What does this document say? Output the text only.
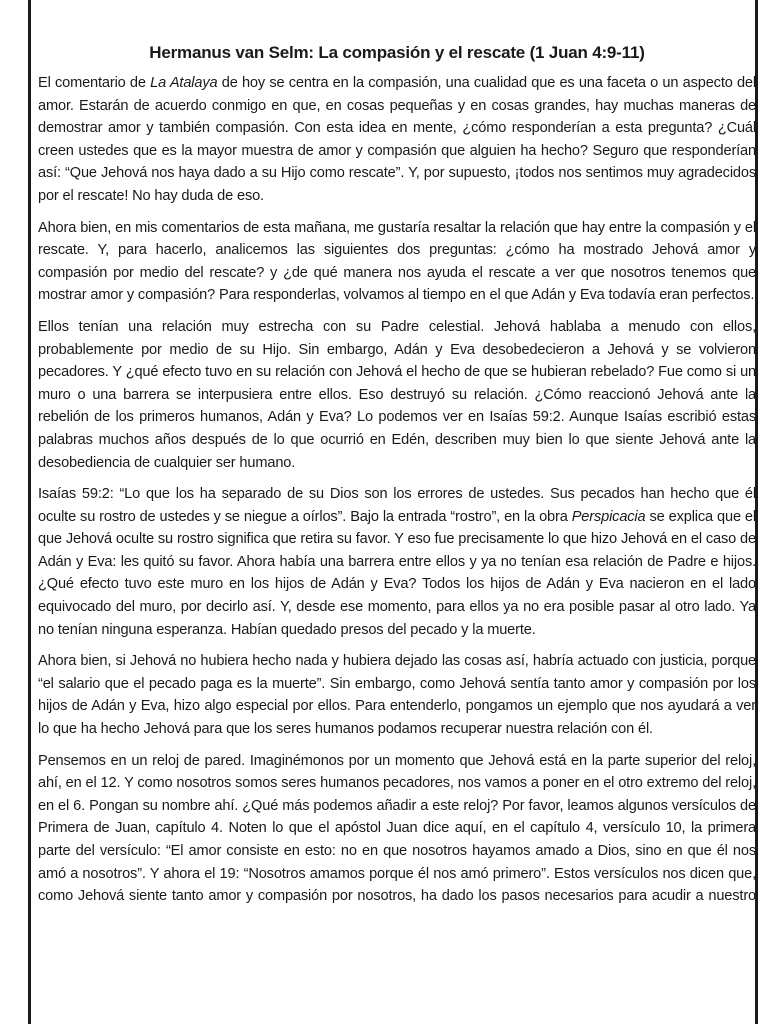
Hermanus van Selm: La compasión y el rescate (1 Juan 4:9-11)

El comentario de La Atalaya de hoy se centra en la compasión, una cualidad que es una faceta o un aspecto del amor. Estarán de acuerdo conmigo en que, en cosas pequeñas y en cosas grandes, hay muchas maneras de demostrar amor y también compasión. Con esta idea en mente, ¿cómo responderían a esta pregunta? ¿Cuál creen ustedes que es la mayor muestra de amor y compasión que alguien ha hecho? Seguro que responderían así: “Que Jehová nos haya dado a su Hijo como rescate”. Y, por supuesto, ¡todos nos sentimos muy agradecidos por el rescate! No hay duda de eso.

Ahora bien, en mis comentarios de esta mañana, me gustaría resaltar la relación que hay entre la compasión y el rescate. Y, para hacerlo, analicemos las siguientes dos preguntas: ¿cómo ha mostrado Jehová amor y compasión por medio del rescate? y ¿de qué manera nos ayuda el rescate a ver que nosotros tenemos que mostrar amor y compasión? Para responderlas, volvamos al tiempo en el que Adán y Eva todavía eran perfectos.

Ellos tenían una relación muy estrecha con su Padre celestial. Jehová hablaba a menudo con ellos, probablemente por medio de su Hijo. Sin embargo, Adán y Eva desobedecieron a Jehová y se volvieron pecadores. Y ¿qué efecto tuvo en su relación con Jehová el hecho de que se hubieran rebelado? Fue como si un muro o una barrera se interpusiera entre ellos. Eso destruyó su relación. ¿Cómo reaccionó Jehová ante la rebelión de los primeros humanos, Adán y Eva? Lo podemos ver en Isaías 59:2. Aunque Isaías escribió estas palabras muchos años después de lo que ocurrió en Edén, describen muy bien lo que siente Jehová ante la desobediencia de cualquier ser humano.

Isaías 59:2: “Lo que los ha separado de su Dios son los errores de ustedes. Sus pecados han hecho que él oculte su rostro de ustedes y se niegue a oírlos”. Bajo la entrada “rostro”, en la obra Perspicacia se explica que el que Jehová oculte su rostro significa que retira su favor. Y eso fue precisamente lo que hizo Jehová en el caso de Adán y Eva: les quitó su favor. Ahora había una barrera entre ellos y ya no tenían esa relación de Padre e hijos. ¿Qué efecto tuvo este muro en los hijos de Adán y Eva? Todos los hijos de Adán y Eva nacieron en el lado equivocado del muro, por decirlo así. Y, desde ese momento, para ellos ya no era posible pasar al otro lado. Ya no tenían ninguna esperanza. Habían quedado presos del pecado y la muerte.

Ahora bien, si Jehová no hubiera hecho nada y hubiera dejado las cosas así, habría actuado con justicia, porque “el salario que el pecado paga es la muerte”. Sin embargo, como Jehová sentía tanto amor y compasión por los hijos de Adán y Eva, hizo algo especial por ellos. Para entenderlo, pongamos un ejemplo que nos ayudará a ver lo que ha hecho Jehová para que los seres humanos podamos recuperar nuestra relación con él.

Pensemos en un reloj de pared. Imaginémonos por un momento que Jehová está en la parte superior del reloj, ahí, en el 12. Y como nosotros somos seres humanos pecadores, nos vamos a poner en el otro extremo del reloj, en el 6. Pongan su nombre ahí. ¿Qué más podemos añadir a este reloj? Por favor, leamos algunos versículos de Primera de Juan, capítulo 4. Noten lo que el apóstol Juan dice aquí, en el capítulo 4, versículo 10, la primera parte del versículo: “El amor consiste en esto: no en que nosotros hayamos amado a Dios, sino en que él nos amó a nosotros”. Y ahora el 19: “Nosotros amamos porque él nos amó primero”. Estos versículos nos dicen que, como Jehová siente tanto amor y compasión por nosotros, ha dado los pasos necesarios para acudir a nuestro
